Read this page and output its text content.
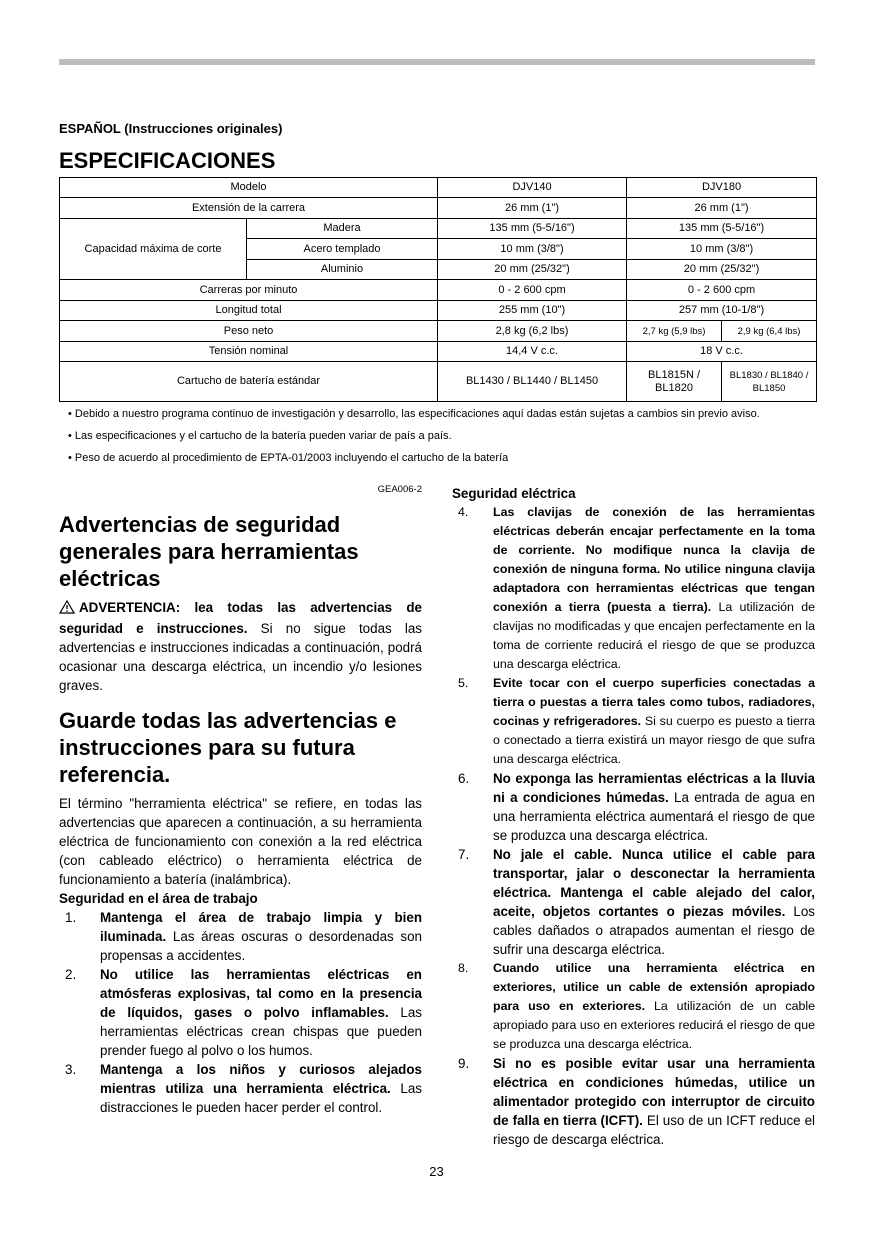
ESPAÑOL (Instrucciones originales)
ESPECIFICACIONES
Modelo		DJV140	DJV180	
Extensión de la carrera		26 mm (1")	26 mm (1")	
Capacidad máxima de corte	Madera	135 mm (5-5/16")	135 mm (5-5/16")	
	Acero templado	10 mm (3/8")	10 mm (3/8")	
	Aluminio	20 mm (25/32")	20 mm (25/32")	
Carreras por minuto		0 - 2 600 cpm	0 - 2 600 cpm	
Longitud total		255 mm (10")	257 mm (10-1/8")	
Peso neto		2,8 kg (6,2 lbs)	2,7 kg (5,9 lbs)	2,9 kg (6,4 lbs)
Tensión nominal		14,4 V c.c.	18 V c.c.	
Cartucho de batería estándar		BL1430 / BL1440 / BL1450	BL1815N / BL1820	BL1830 / BL1840 / BL1850
• Debido a nuestro programa continuo de investigación y desarrollo, las especificaciones aquí dadas están sujetas a cambios sin previo aviso.
• Las especificaciones y el cartucho de la batería pueden variar de país a país.
• Peso de acuerdo al procedimiento de EPTA-01/2003 incluyendo el cartucho de la batería
GEA006-2
Advertencias de seguridad generales para herramientas eléctricas

ADVERTENCIA: lea todas las advertencias de seguridad e instrucciones. Si no sigue todas las advertencias e instrucciones indicadas a continuación, podrá ocasionar una descarga eléctrica, un incendio y/o lesiones graves.

Guarde todas las advertencias e instrucciones para su futura referencia.

El término "herramienta eléctrica" se refiere, en todas las advertencias que aparecen a continuación, a su herramienta eléctrica de funcionamiento con conexión a la red eléctrica (con cableado eléctrico) o herramienta eléctrica de funcionamiento a batería (inalámbrica).

Seguridad en el área de trabajo
1. Mantenga el área de trabajo limpia y bien iluminada. Las áreas oscuras o desordenadas son propensas a accidentes.
2. No utilice las herramientas eléctricas en atmósferas explosivas, tal como en la presencia de líquidos, gases o polvo inflamables. Las herramientas eléctricas crean chispas que pueden prender fuego al polvo o los humos.
3. Mantenga a los niños y curiosos alejados mientras utiliza una herramienta eléctrica. Las distracciones le pueden hacer perder el control.
Seguridad eléctrica
4. Las clavijas de conexión de las herramientas eléctricas deberán encajar perfectamente en la toma de corriente. No modifique nunca la clavija de conexión de ninguna forma. No utilice ninguna clavija adaptadora con herramientas eléctricas que tengan conexión a tierra (puesta a tierra). La utilización de clavijas no modificadas y que encajen perfectamente en la toma de corriente reducirá el riesgo de que se produzca una descarga eléctrica.
5. Evite tocar con el cuerpo superficies conectadas a tierra o puestas a tierra tales como tubos, radiadores, cocinas y refrigeradores. Si su cuerpo es puesto a tierra o conectado a tierra existirá un mayor riesgo de que sufra una descarga eléctrica.
6. No exponga las herramientas eléctricas a la lluvia ni a condiciones húmedas. La entrada de agua en una herramienta eléctrica aumentará el riesgo de que se produzca una descarga eléctrica.
7. No jale el cable. Nunca utilice el cable para transportar, jalar o desconectar la herramienta eléctrica. Mantenga el cable alejado del calor, aceite, objetos cortantes o piezas móviles. Los cables dañados o atrapados aumentan el riesgo de sufrir una descarga eléctrica.
8. Cuando utilice una herramienta eléctrica en exteriores, utilice un cable de extensión apropiado para uso en exteriores. La utilización de un cable apropiado para uso en exteriores reducirá el riesgo de que se produzca una descarga eléctrica.
9. Si no es posible evitar usar una herramienta eléctrica en condiciones húmedas, utilice un alimentador protegido con interruptor de circuito de falla en tierra (ICFT). El uso de un ICFT reduce el riesgo de descarga eléctrica.
23
